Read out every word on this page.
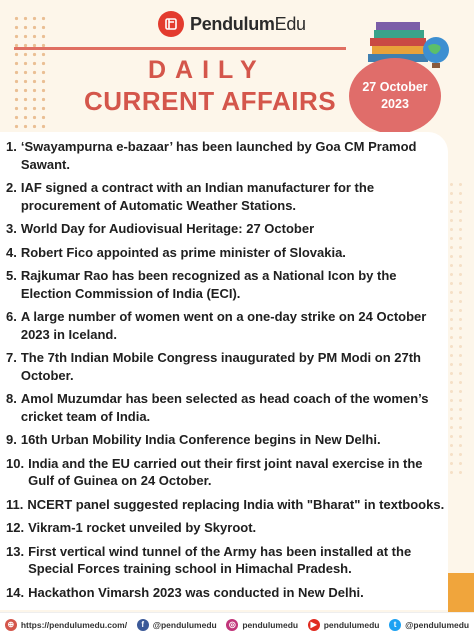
PendulumEdu
DAILY
CURRENT AFFAIRS 27 October
2023
1. ‘Swayampurna e-bazaar’ has been launched by Goa CM Pramod Sawant.
2. IAF signed a contract with an Indian manufacturer for the procurement of Automatic Weather Stations.
3. World Day for Audiovisual Heritage: 27 October
4. Robert Fico appointed as prime minister of Slovakia.
5. Rajkumar Rao has been recognized as a National Icon by the Election Commission of India (ECI).
6. A large number of women went on a one-day strike on 24 October 2023 in Iceland.
7. The 7th Indian Mobile Congress inaugurated by PM Modi on 27th October.
8. Amol Muzumdar has been selected as head coach of the women’s cricket team of India.
9. 16th Urban Mobility India Conference begins in New Delhi.
10. India and the EU carried out their first joint naval exercise in the Gulf of Guinea on 24 October.
11. NCERT panel suggested replacing India with "Bharat" in textbooks.
12. Vikram-1 rocket unveiled by Skyroot.
13. First vertical wind tunnel of the Army has been installed at the Special Forces training school in Himachal Pradesh.
14. Hackathon Vimarsh 2023 was conducted in New Delhi.
⊕ https://pendulumedu.com/	f	@pendulumedu	◎ pendulumedu	▶ pendulumedu	t	@pendulumedu
